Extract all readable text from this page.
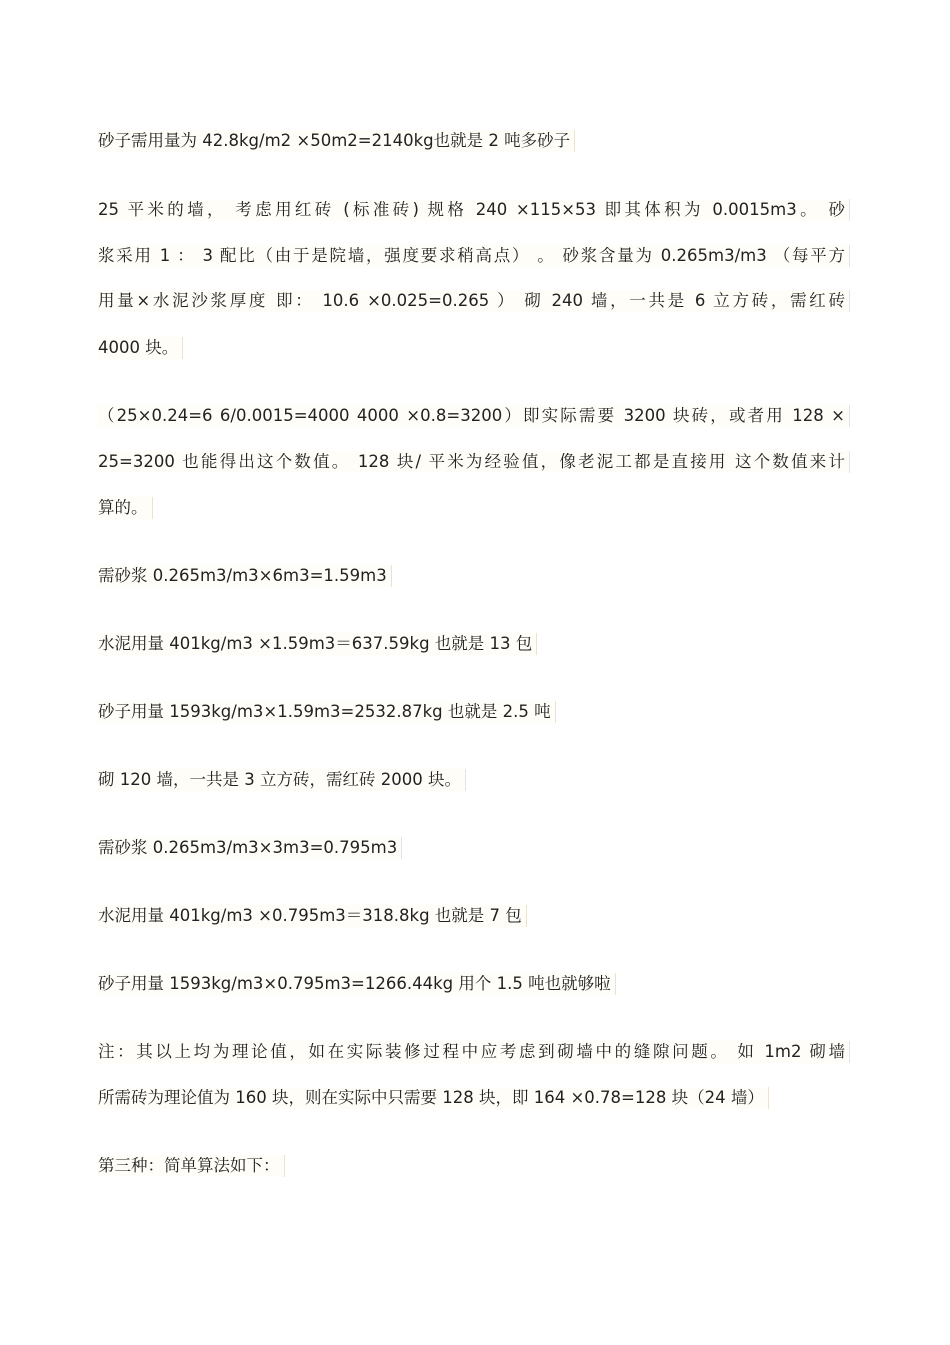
砂子需用量为 42.8kg/m2 ×50m2=2140kg也就是 2 吨多砂子
25 平米的墙， 考虑用红砖 (标准砖) 规格 240 ×115×53 即其体积为 0.0015m3。 砂
浆采用 1 ： 3 配比（由于是院墙，强度要求稍高点） 。 砂浆含量为 0.265m3/m3 （每平方
用量×水泥沙浆厚度 即： 10.6 ×0.025=0.265 ） 砌 240 墙，一共是 6 立方砖，需红砖
4000 块。
（25×0.24=6 6/0.0015=4000 4000 ×0.8=3200）即实际需要 3200 块砖，或者用 128 ×
25=3200 也能得出这个数值。 128 块/ 平米为经验值，像老泥工都是直接用 这个数值来计
算的。
需砂浆 0.265m3/m3×6m3=1.59m3
水泥用量 401kg/m3 ×1.59m3＝637.59kg 也就是 13 包
砂子用量 1593kg/m3×1.59m3=2532.87kg 也就是 2.5 吨
砌 120 墙，一共是 3 立方砖，需红砖 2000 块。
需砂浆 0.265m3/m3×3m3=0.795m3
水泥用量 401kg/m3 ×0.795m3＝318.8kg 也就是 7 包
砂子用量 1593kg/m3×0.795m3=1266.44kg 用个 1.5 吨也就够啦
注：其以上均为理论值，如在实际装修过程中应考虑到砌墙中的缝隙问题。 如 1m2 砌墙
所需砖为理论值为 160 块，则在实际中只需要 128 块，即 164 ×0.78=128 块（24 墙）
第三种：简单算法如下：
